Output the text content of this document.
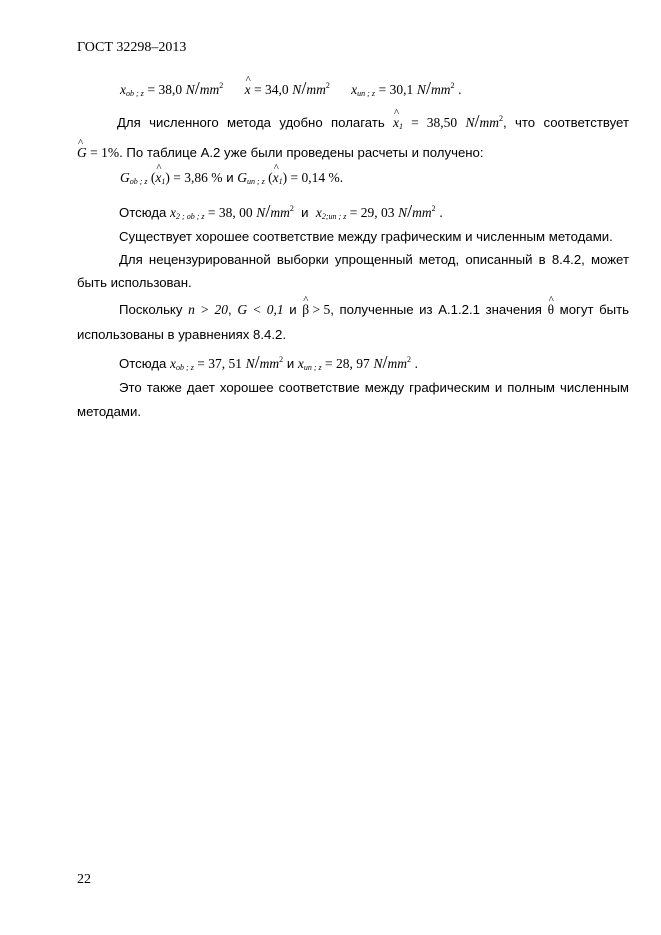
ГОСТ 32298–2013
$x_{ob ; z} = 38,0$ $N/mm^2$ ^ x = 34,0 $N/mm^2$ $x_{un ; z} = 30,1$ $N/mm^2$ .
Для численного метода удобно полагать ^ $x_1 = 38,50$ $N/mm^2$, что соответствует
^ G = 1%. По таблице А.2 уже были проведены расчеты и получено:
$G_{ob ; z}$ (^ $x_1) = 3,86$ % и $G_{un ; z}$ (^ $x_1) = 0,14$ %.
Отсюда $x_{2 ; ob ; z} = 38$, 00 $N/mm^2$ и $x_{2;un ; z} = 29$, 03 $N/mm^2$ .
Существует хорошее соответствие между графическим и численным методами.
Для нецензурированной выборки упрощенный метод, описанный в 8.4.2, может
быть использован.
Поскольку n > 20, G < 0,1 и ^ β > 5, полученные из А.1.2.1 значения ^ θ могут быть
использованы в уравнениях 8.4.2.
Отсюда $x_{ob ; z} = 37$, 51 $N/mm^2$ и $x_{un ; z} = 28$, 97 $N/mm^2$ .
Это также дает хорошее соответствие между графическим и полным численным
методами.
22
